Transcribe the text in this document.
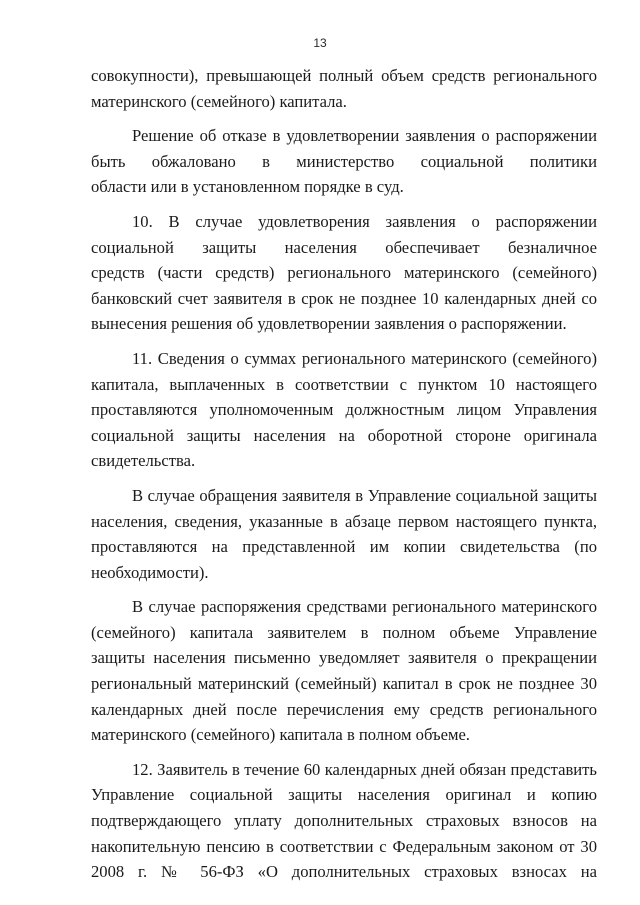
13
совокупности), превышающей полный объем средств регионального
материнского (семейного) капитала.
Решение об отказе в удовлетворении заявления о распоряжении
быть обжаловано в министерство социальной политики
области или в установленном порядке в суд.
10. В случае удовлетворения заявления о распоряжении
социальной защиты населения обеспечивает безналичное
средств (части средств) регионального материнского (семейного)
банковский счет заявителя в срок не позднее 10 календарных дней со
вынесения решения об удовлетворении заявления о распоряжении.
11. Сведения о суммах регионального материнского (семейного)
капитала, выплаченных в соответствии с пунктом 10 настоящего
проставляются уполномоченным должностным лицом Управления
социальной защиты населения на оборотной стороне оригинала
свидетельства.
В случае обращения заявителя в Управление социальной защиты
населения, сведения, указанные в абзаце первом настоящего пункта,
проставляются на представленной им копии свидетельства (по
необходимости).
В случае распоряжения средствами регионального материнского
(семейного) капитала заявителем в полном объеме Управление
защиты населения письменно уведомляет заявителя о прекращении
региональный материнский (семейный) капитал в срок не позднее 30
календарных дней после перечисления ему средств регионального
материнского (семейного) капитала в полном объеме.
12. Заявитель в течение 60 календарных дней обязан представить
Управление социальной защиты населения оригинал и копию
подтверждающего уплату дополнительных страховых взносов на
накопительную пенсию в соответствии с Федеральным законом от 30
2008 г. № 56-ФЗ «О дополнительных страховых взносах на
